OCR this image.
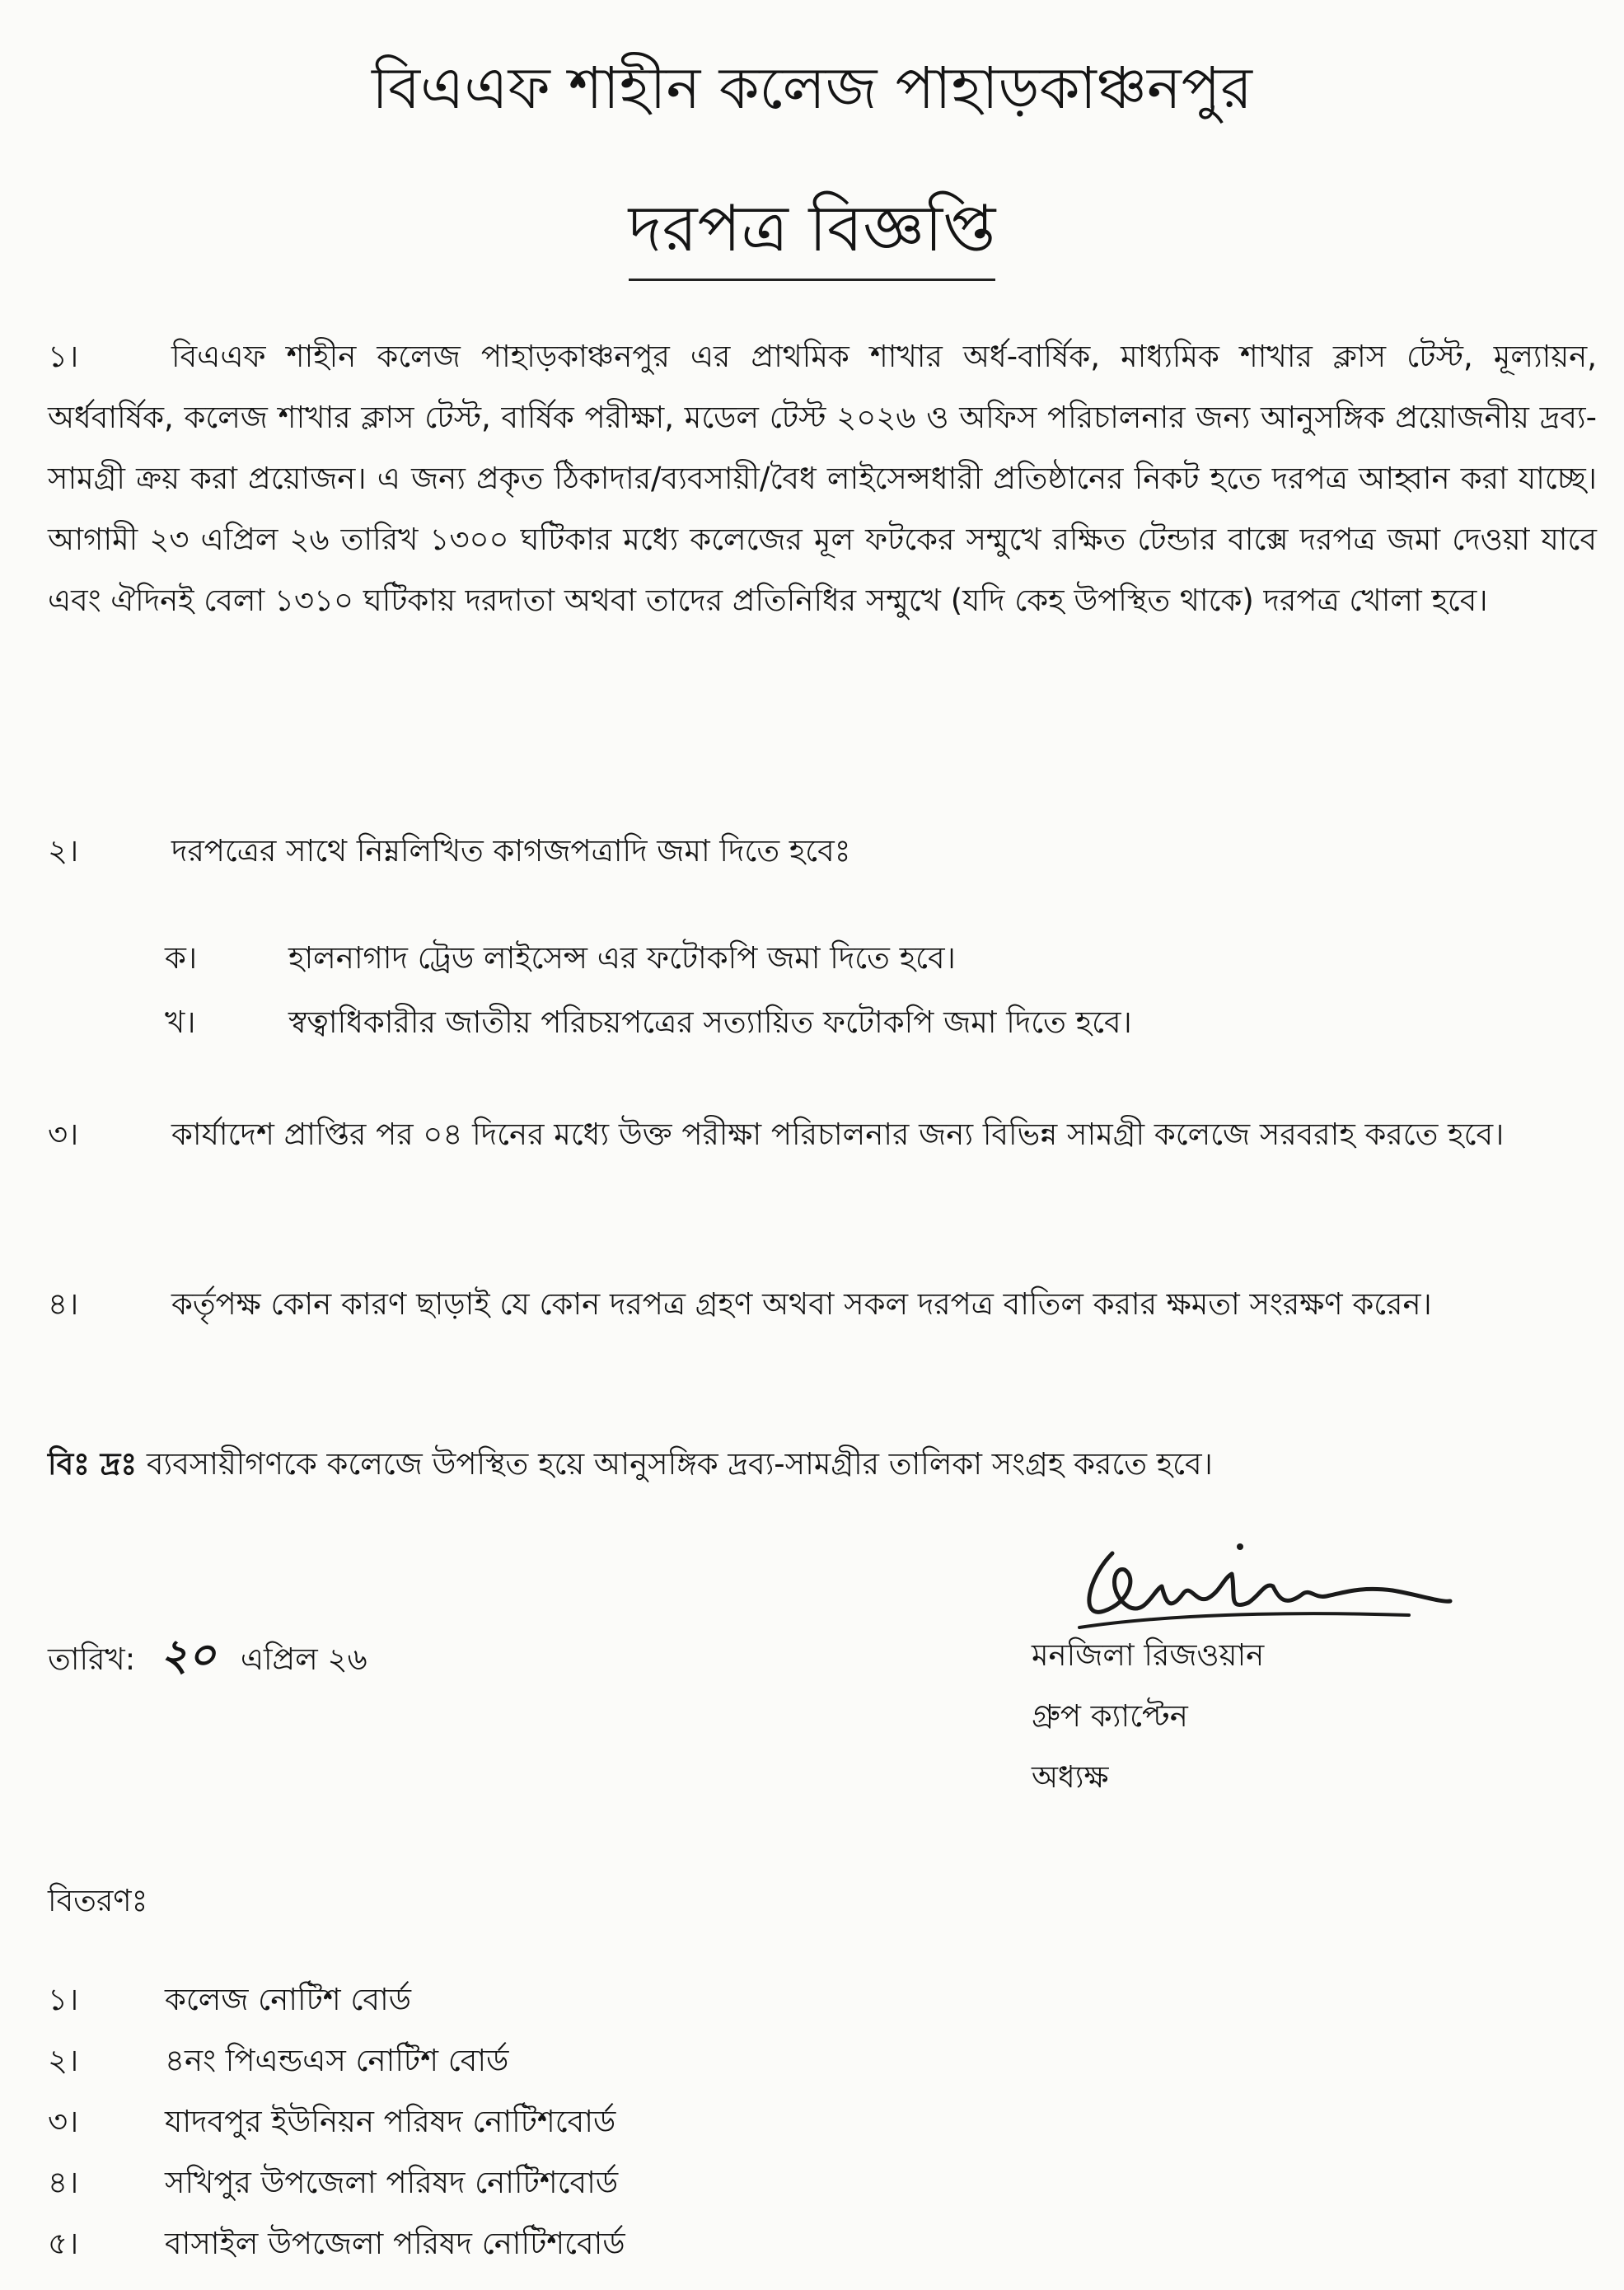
বিএএফ শাহীন কলেজ পাহাড়কাঞ্চনপুর
দরপত্র বিজ্ঞপ্তি
১।	বিএএফ শাহীন কলেজ পাহাড়কাঞ্চনপুর এর প্রাথমিক শাখার অর্ধ-বার্ষিক, মাধ্যমিক শাখার ক্লাস টেস্ট, মূল্যায়ন, অর্ধবার্ষিক, কলেজ শাখার ক্লাস টেস্ট, বার্ষিক পরীক্ষা, মডেল টেস্ট ২০২৬ ও অফিস পরিচালনার জন্য আনুসঙ্গিক প্রয়োজনীয় দ্রব্য-সামগ্রী ক্রয় করা প্রয়োজন। এ জন্য প্রকৃত ঠিকাদার/ব্যবসায়ী/বৈধ লাইসেন্সধারী প্রতিষ্ঠানের নিকট হতে দরপত্র আহ্বান করা যাচ্ছে। আগামী ২৩ এপ্রিল ২৬ তারিখ ১৩০০ ঘটিকার মধ্যে কলেজের মূল ফটকের সম্মুখে রক্ষিত টেন্ডার বাক্সে দরপত্র জমা দেওয়া যাবে এবং ঐদিনই বেলা ১৩১০ ঘটিকায় দরদাতা অথবা তাদের প্রতিনিধির সম্মুখে (যদি কেহ উপস্থিত থাকে) দরপত্র খোলা হবে।
২।	দরপত্রের সাথে নিম্নলিখিত কাগজপত্রাদি জমা দিতে হবেঃ
ক।	হালনাগাদ ট্রেড লাইসেন্স এর ফটোকপি জমা দিতে হবে।
খ।	স্বত্বাধিকারীর জাতীয় পরিচয়পত্রের সত্যায়িত ফটোকপি জমা দিতে হবে।
৩।	কার্যাদেশ প্রাপ্তির পর ০৪ দিনের মধ্যে উক্ত পরীক্ষা পরিচালনার জন্য বিভিন্ন সামগ্রী কলেজে সরবরাহ করতে হবে।
৪।	কর্তৃপক্ষ কোন কারণ ছাড়াই যে কোন দরপত্র গ্রহণ অথবা সকল দরপত্র বাতিল করার ক্ষমতা সংরক্ষণ করেন।
বিঃ দ্রঃ ব্যবসায়ীগণকে কলেজে উপস্থিত হয়ে আনুসঙ্গিক দ্রব্য-সামগ্রীর তালিকা সংগ্রহ করতে হবে।
তারিখ: ২০ এপ্রিল ২৬	মনজিলা রিজওয়ান
গ্রুপ ক্যাপ্টেন
অধ্যক্ষ
বিতরণঃ
১।	কলেজ নোটিশ বোর্ড
২।	৪নং পিএন্ডএস নোটিশ বোর্ড
৩।	যাদবপুর ইউনিয়ন পরিষদ নোটিশবোর্ড
৪।	সখিপুর উপজেলা পরিষদ নোটিশবোর্ড
৫।	বাসাইল উপজেলা পরিষদ নোটিশবোর্ড
